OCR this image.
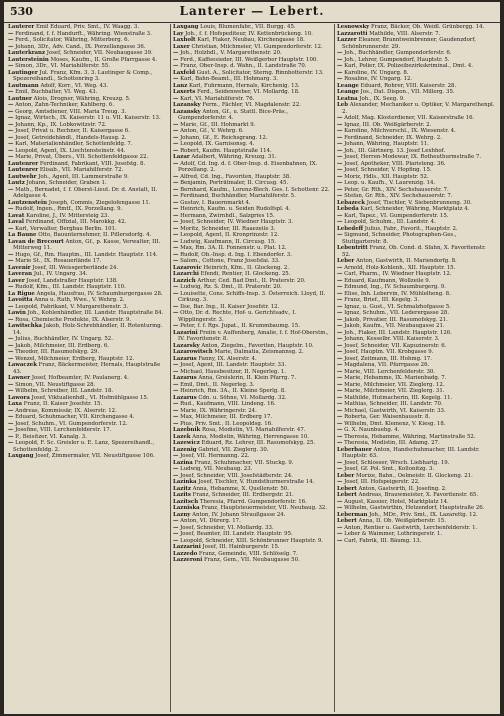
530	Lanterer — Lebert.

Lauterer Emil Eduard, Priv. Smt., IV. Waagg. 3.

— Ferdinand, f. f. Handurft., Währing. Wienstraße 3.

— Ferd., Solicitator, Währing, Mitterberg. 6.

— Johann, 3Dr., Adv. Cand., IX. Porzellangasse 36.

Lauterkranz Josef, Schneider, VII. Neubaugasse 39.

Lautersteinin Moses, Kaufm., II. Große Pfarrgasse 4.

— Simon, 3Dr., VI. Mariahilferstr. 55.

Lautinger Jul. Franz, Kfm. 3. 3. Lautinger & Comp., Spezereihandl., Schottenring 3.

Lautmann Adolf, Korr., VI. Weg. 43.

— Emil, Buchhalter, VI. Weg. 43.

Lautner Alois, Drogner, Währing, Kreuzg. 5.

— Anton, Zahn-Techniker, Kahlberg. 6.

— Georg, Amtsdiener, VIII. Maria Treug. 3.

— Ignaz, Wirtsch., IX. Kaiserstr. 11 u. VII. Kaiserstr. 13.

— Johann, Kp., IX. Lobkowitzstr. 72.

— Josef, Privat u. Rechner, II. Kaisergasse 6.

— Josef, Getreidehändl., Handels-Hausg. 2.

— Karl, Materialienhändler, Schottenfeldg. 7.

— Leopold, Agent, IX. Liechtensteinstr. 44.

— Marie, Privat, Übers., VII. Schottenfeldgasse 22.

Lautenrer Ferdinand, Fabrikant, VIII. Josefstg. 8.

Lautenrer Elisab., VII. Mariahilferstr. 72.

Lautwehr Joh., Agent, III. Lammerstraße 9.

Lautz Johann, Schneider, Graben 1.

— Math., Bernadet, f. f. Oberst-Lieut. Dr. d. Anstalt, II. Adelgasse 4.

Lautzenstein Joseph, Commis, Ziegelofengasse 11.

— Rudolf, Ingen., Rmtf., IX. Porzellang. 9.

Lavat Karoline, J., IV. Mittersteig 23.

Laval Ferdinand, Offizial, III. Marokkg. 42.

— Karl, Verwalter, Bergbau Berlin. 101.

La Baune Otto, Bauunternehmer, II. Pillersdorfg. 4.

Lavan de Brecourt Anton, Gf., p. Kasse, Verwalter, III. Mitterweg 11.

— Hugo, Gf., Rm. Hauptm., III. Landstr. Hauptstr. 114.

— Marie St., IX. Rosauerlände 17.

Lavenir Josef, III. Weissgerberlände 24.

Laveran Jul., IV. Ungarg. 34.

Laver Josef, Landstraßer Hauptstr. 138.

— Rudolf, Kfm., III. Landstr. Hauptstr. 110.

La Rigue Angela, Hausfrau, IV. Schaumburgergasse 28.

Lavoitta Anna u. Rath, Wwe., V. Wehrg. 2.

— Leopold, Fabrikant, V. Margarethenstr. 3.

Lawin Joh., Kohlenhändler, III. Landstr. Hauptstraße 84.

— Rosa, Chemische Produkte, IX. Alserstr. 9.

Lawitschka Jakob, Holz-Schrebhändler, II. Rotenturmg. 14.

— Julius, Buchhändler, IV. Ungarg. 52.

— Jakob, Milchmeier, III. Erdberg. 6.

— Theodor, III. Rasumofskyg. 29.

— Wenzel, Milchmeier, Erdberg, Hauptstr. 12.

Lawaczek Franz, Bäckermeister, Hernals, Hauptstraße 43.

Lawner Josef, Hofbeamter, IV. Paulanerg. 4.

— Simon, VII. Neustiftgasse 28.

— Wilhelm, Schreiber, III. Landstr. 18.

Lawora Josef, Viktualienhdl., VI. Hofmühlgasse 15.

Laxa Franz, II. Kaiser Josefstr. 15.

— Andreas, Kommissär, IX. Alserstr. 12.

— Eduard, Schuhmacher, VII. Kirchengasse 4.

— Josef, Schuhm., VI. Gumpendorferstr. 12.

— Josefine, VIII. Lerchenfelderstr. 17.

— P., Beisitzer, VI. Kanalg. 3.

— Leopold, F. Sc. Greisler u. E. Lanz, Spezereihandl., Schottenfeldg. 2.

Laxgang Josef, Zimmermaler, VII. Neustiftgasse 106.

Laxgang Louis, Blumenfabr., VII. Burgg. 45.

Lay Joh., f. f. Hofspediteur, IV. Kettenbrückeng. 10.

Laxholt Karl, Fiaker, Neubau, Kirchengasse 18.

Laxer Christian, Milchmeier, VI. Gumpendorferstr. 12.

— Joh., Holzhdl., V. Margarethenstr. 20.

— Ferd., Kaffeesieder, III. Weißgerber Hauptstr. 100.

— Franz, Ober-Insp. d. Wahn., II. Landstraße 70.

Laxfeld Gust. A., Solicitator, Sterng. Rinnbotterstr. 13.

— Karl, Bahn-Beamt., III. Hohmarg. 3.

Lanz Karl, Fuhrmann, Hernals, Kirchenig. 13.

Laxerts Ferd., Seidenweber, VI. Mollardg. 18.

— Karl, VI. Mariahilferstr. 76.

Lazansky Ferm., Fächler, VI. Magdalenstr. 22.

Lazansky Anton, Gf., u. Stattl. Bice-Präs., Gumpendorferstr. 4.

— Marie, Gf., III. Hohmarkt 9.

— Anton, Gf., V. Wehrg. 6.

— Johann, Gf., E. Reichsgrang. 12.

— Leopold, IX. Garnisonsg. 4.

— Robert, Kaufm. Hauptstraße 114.

Lazar Adalbert, Währing, Kreuzg. 31.

— Adolf, Cd. Ing. d. f. Ober-Insp. d. Eisenbahnen, IX. Porzellang. 2.

— Alfred, Cd. Ing., Favoriten, Hauptstr. 38.

— Benjamin, Porträtmaler, II. Circusg. 45.

— Bernhard, Kaufm., Lorenz-Blech. Ges. I. Schottenr. 22.

— Ferdinand, Buchhändler, Mariahilferstr. 5.

— Gustav, I. Bauernmarkt 4.

— Heinrich, Kaufm. u. Seiden Rudolfspl. 4.

— Hermann, Zwirnhdl., Salzgries 15.

— Josef, Schneider, IV. Wiedner Hauptstr. 3.

— Moritz, Schneider, III. Raaezeile 3.

— Leopold, Agent, II. Kronprinzstr. 12.

— Ludwig, Kaufmann, II. Circusg. 15.

— Max, Rm. 3A. II. Fonnenstr. u. Plat. 12.

— Rudolf, Ob.-Insp. d. Ing. I. Ebendorfer. 3.

— Salom., Cottone, Franz Josefsfai. 33.

Lazarovic Heinrich, Kfm., II. Glockeng. 2.

Lazarchi Efendi, Rentier, II. Glockeng. 25.

Lazzich Arthur, Ced. Bad Dmt., II. Praterstr. 20.

— Ludwig, Rz. S. Dmt., II. Praterstr. 20.

— Louisette, Cons. Schiffs-Insp. 3. Österreich. Lloyd, II. Cirkusg. 3.

— Ilse, Bar. Ing., II. Kaiser Josefstr. 12.

— Otto, Dr. d. Rechte, Hof- u. Gerichtsadv., I. Wipplingerstr. 3.

— Peter, f. f. Rgs. Jupat., II. Krummbaumg. 15.

Lazarini Freiin v. Auffenberg, Amalie, f. f. Hof-Oberstm., IV. Favoritenstr. 8.

Lazarsky Anton, Ziegelm., Favoriten, Hauptstr. 10.

Lazarowitsch Marie, Dalmatia, Zeismannsg. 2.

Lazarus Fanny, IX. Alserstr. 4.

— Josef, Agent, III. Landstr. Hauptstr. 33.

— Michael, Hausbesitzer, II. Negerleg. 1.

Lazarus Anna, Greislerin, II. Klein Pfarrg. 7.

— Emil, Dmt., II. Negerleg. 3.

— Heinrich, Rm. 3A., II. Kleine Sperlg. 8.

Lazarus Cdn. u. Söhne, VI. Mollardg. 32.

— Rud., Kaufmann, VIII. Lindeng. 16.

— Marie, IX. Währingerstr. 24.

— Max, Milchmeier, III. Erdberg 17.

— Pius, Priv. Smt., II. Leopoldsg. 16.

Lazebnik Rosa, Modistin, VI. Mariahilferstr. 47.

Lazek Anna, Modistin, Währing, Herrengasse 10.

Lazewicz Eduard, Rz. Lehrer, III. Rasumofskyg. 25.

Lazenig Gabriel, VII. Zieglerg. 30.

— Josef, VII. Hermanng. 22.

Lazina Franz, Schuhmacher, VII. Stuckg. 9.

— Ludwig, VII. Neubaug. 23.

— Josef, Schneider, VIII. Josefstädterstr. 24.

Lazinka Josef, Tischler, V. Hundsthurmerstraße 14.

Lazitz Anna, Hebamme, X. Quellenstr. 50.

Lazits Franz, Schneider, III. Erdbergstr. 21.

Lazitsch Theresia, Pfarrd. Gumpendorferstr. 16.

Lazniska Franz, Hauptsteuermeister, VII. Neubaug. 32.

Lazny Anton, IV. Johann Straußgasse 24.

— Anton, VI. Dürerg. 17.

— Josef, Schneider, VI. Mollardg. 33.

— Josef, Beamter, III. Landstr. Hauptstr. 95.

— Leopold, Schneider, XIII. Schönbrunner Hauptstr. 9.

Lazzarini Josef, III. Hainburgerstr. 15.

Lazzedo Franz, Gemeinde, VIII. Schlöselg. 7.

Lazzeroni Franz, Gem., VII. Neubaugasse 50.

Lesnowsky Franz, Bäcker, Ob. Weidl. Grünbergg. 14.

Lazzarotti Mathilde, VIII. Alserstr. 7.

Lazzer Eleanor, Branntweinbrenner, Gaudenzdorf, Schönbrunnerstr. 29.

— Joh., Buchhändler, Gumpendorferstr. 6.

— Joh., Lehrer, Gumpendorf, Hauptstr. 5.

— Karl, Polier, IX. Polizeibezirkskriminal., Dmt. 4.

— Karoline, IV. Ungarg. 8.

— Rosaline, IV. Ungarg. 12.

Leange Eduard, Rohrer, VIII. Kaiserstr. 28.

Leange Jos., Dat. Dispon., VII. Millerg. 35.

Leatna Joh., IX. Seeg. 9.

Leb Alexander, Mechaniker u. Optiker, V. Margarethenpl. 2.

— Adolf, Mag. Klosterdiener, VII. Kaiserstraße 16.

— Ignaz, III. Ob. Weißgärberstr. 2.

— Karoline, Milchverschl., IX. Wiesenstr. 4.

— Ferdinand, Schneider, IX. Wehrg. 2.

— Johann, Währing, Hauptstr. 11.

— Joh., III. Gärtnerg. 13. Josef Lexhhof.

— Josef, Herren-Modewar, IX. Rotheuthurmstraße 7.

— Josef, Apotheker, VIII. Piaristeng. 36.

— Josef, Schneider, V. Hopfing. 15.

— Moriz, Hdls., XII. Hauptstr. 52.

— Leop. u. Kaufh., V. Laurenzig. 14.

— Peter, Gr. Rth., XIV. Sechshauserstr. 7.

— Stefan, Gr. Rth., XIV. Sechshauserstr. 7.

Lebazeck Josef, Tischler, V. Siebenbrunneng. 30.

Lebeda Karl, Schneider, Währing, Marktplatz 4.

— Karl, Tapez., VI. Gumpendorferstr. 15.

— Leopold, Schuhm., III. Landstr. 4.

Lebedeff Julius, Fabr., Favorit., Hauptstr. 2.

— Sigmund, Schneider, Photographen-Ges., Stuttgarterstr. 8.

Lebentritt Franz, Ob. Cond. d. Sfahn, X. Favoritenstr. 52.

Leber Anton, Gastwirth, II. Mariendorfg. 8.

— Arnold, Holz-Kohlenh., XII. Hauptstr. 15.

— Carl, Pharm., IV. Wiedner Hauptstr. 12.

— Eduard, Kaufmann, Wollzeile 9.

— Edmund, Ing., IV. Schaumburgerg. 9.

— Elise, Inh. Lebervin, IV. Mühlelheng. 8.

— Franz, Brief., III. Kegelg. 3.

— Ignaz, u. Gust., VI. Schmalzhofgasse 5.

— Ignaz, Schuhm., VII. Lederergasse 28.

— Jakob, Privatier, III. Rasumofskyg. 21.

— Jakob, Kaufm., VII. Neubaugasse 21.

— Joh., Fiaker, III. Landstr. Hauptstr. 126.

— Johann, Kesselbr. VIII. Kaiserstr. 3.

— Josef, Schneider, VII. Kapuzinerstr. 6.

— Josef, Hauptm. VII. Krobgasse 9.

— Josef, Zeitmann, III. Hohmg. 17.

— Magdalena, VII. Pfarrgasse 26.

— Marie, VIII. Lerchenfelderstr. 30.

— Marie, Hebamme, IX. Marienbadg. 7.

— Marie, Milchmeier, VII. Zieglerg. 12.

— Marie, Milchmeier, VII. Zieglerg. 31.

— Mathilde, Hutmacherin, III. Kegelg. 11.

— Mathias, Schneider, III. Landstr. 70.

— Michael, Gastwirth, VI. Kaiserstr. 33.

— Roberta, Ger. Waisenhausstr. 8.

— Wilhelm, Dmt. Klemenz, V. Kiesg. 18.

— G. X. Naunbuehg. 4.

— Theresia, Hebamme, Währing, Martinstraße 52.

— Theresia, Modistin, III. Adamg. 27.

Leberbauer Anton, Handschuhmacher, III. Landstr. Hauptstr. 63.

— Josef, Schlosser, Wrsch. Liebhartg. 19.

— Josef, Gf. Pol. Smt., Kollonitzg. 3.

Leber Morize, Bahn., Oelmeistr. II. Glockeng. 21.

— Josef, III. Hofspeigerstr. 22.

Lebert Anton, Gastwirth, II. Josefing. 2.

Lebert Andreas, Brauwmeister, X. Favoritenstr. 65.

— August, Kassier, Hotel, Marktplatz 14.

— Wilhelm, Gastwirthin, Hetzendorf, Hauptstraße 26.

Leberman Joh., MDr., Priv. Smt., IX. Lazarettg. 12.

Lebert Anna, II. Ob. Weißgärberstr. 15.

— Anton, Rentier u. Gastwirth, Lerchenfelderstr. 1.

— Leber & Waimmer, Lothringerstr. 1.

— Carl, Fabrik, III. Bäumg. 13.
